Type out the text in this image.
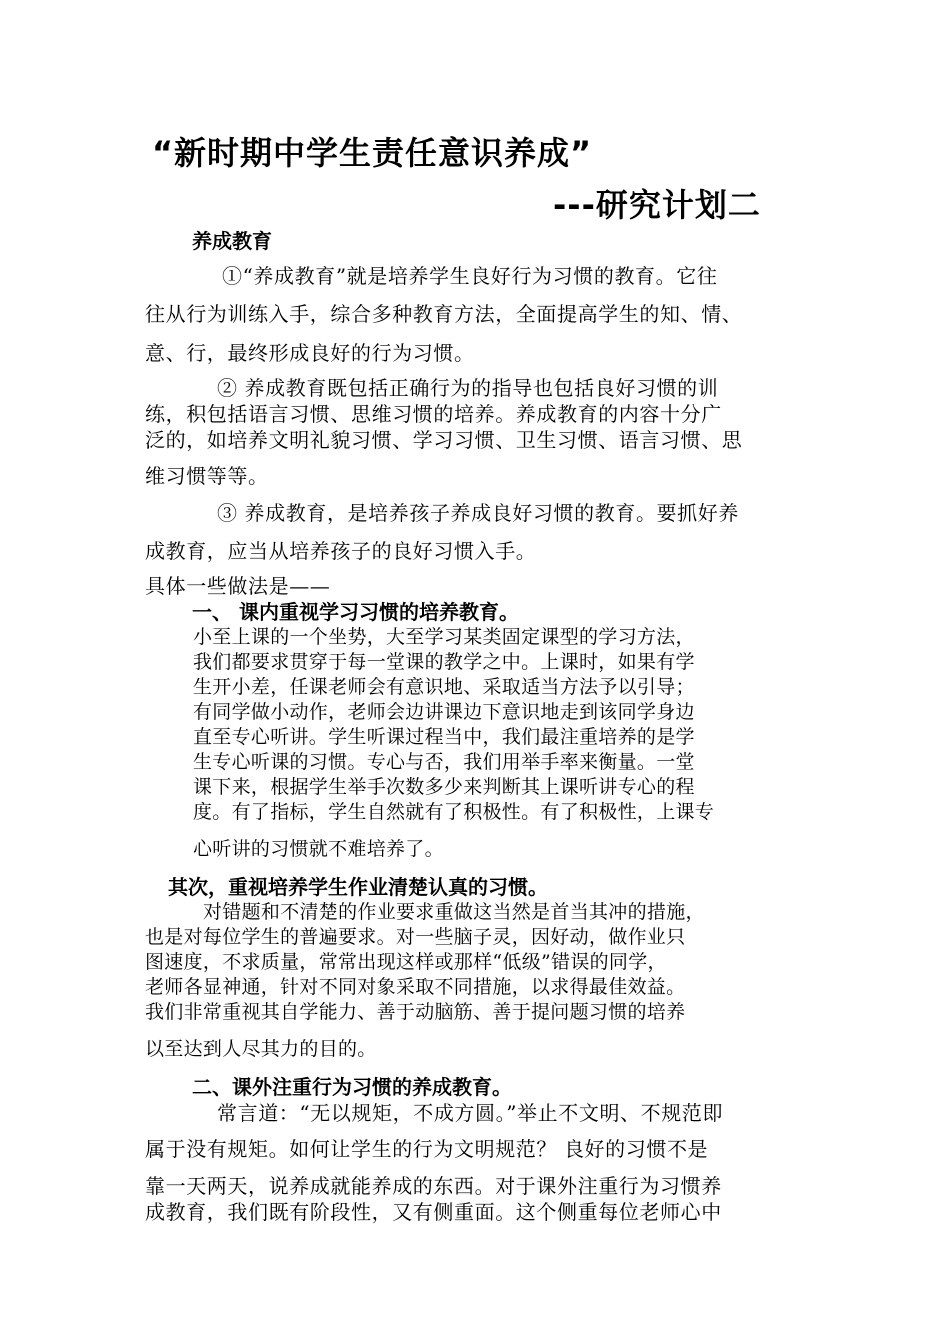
“新时期中学生责任意识养成”
---研究计划二
养成教育
①“养成教育”就是培养学生良好行为习惯的教育。它往
往从行为训练入手，综合多种教育方法，全面提高学生的知、情、
意、行，最终形成良好的行为习惯。
② 养成教育既包括正确行为的指导也包括良好习惯的训
练，积包括语言习惯、思维习惯的培养。养成教育的内容十分广
泛的，如培养文明礼貌习惯、学习习惯、卫生习惯、语言习惯、思
维习惯等等。
③ 养成教育，是培养孩子养成良好习惯的教育。要抓好养
成教育，应当从培养孩子的良好习惯入手。
具体一些做法是——
一、 课内重视学习习惯的培养教育。
小至上课的一个坐势，大至学习某类固定课型的学习方法，
我们都要求贯穿于每一堂课的教学之中。上课时，如果有学
生开小差，任课老师会有意识地、采取适当方法予以引导；
有同学做小动作，老师会边讲课边下意识地走到该同学身边
直至专心听讲。学生听课过程当中，我们最注重培养的是学
生专心听课的习惯。专心与否，我们用举手率来衡量。一堂
课下来，根据学生举手次数多少来判断其上课听讲专心的程
度。有了指标，学生自然就有了积极性。有了积极性，上课专
心听讲的习惯就不难培养了。
其次，重视培养学生作业清楚认真的习惯。
对错题和不清楚的作业要求重做这当然是首当其冲的措施，
也是对每位学生的普遍要求。对一些脑子灵，因好动，做作业只
图速度，不求质量，常常出现这样或那样“低级”错误的同学，
老师各显神通，针对不同对象采取不同措施，以求得最佳效益。
我们非常重视其自学能力、善于动脑筋、善于提问题习惯的培养
以至达到人尽其力的目的。
二、课外注重行为习惯的养成教育。
常言道：“无以规矩，不成方圆。”举止不文明、不规范即
属于没有规矩。如何让学生的行为文明规范？ 良好的习惯不是
靠一天两天，说养成就能养成的东西。对于课外注重行为习惯养
成教育，我们既有阶段性，又有侧重面。这个侧重每位老师心中
